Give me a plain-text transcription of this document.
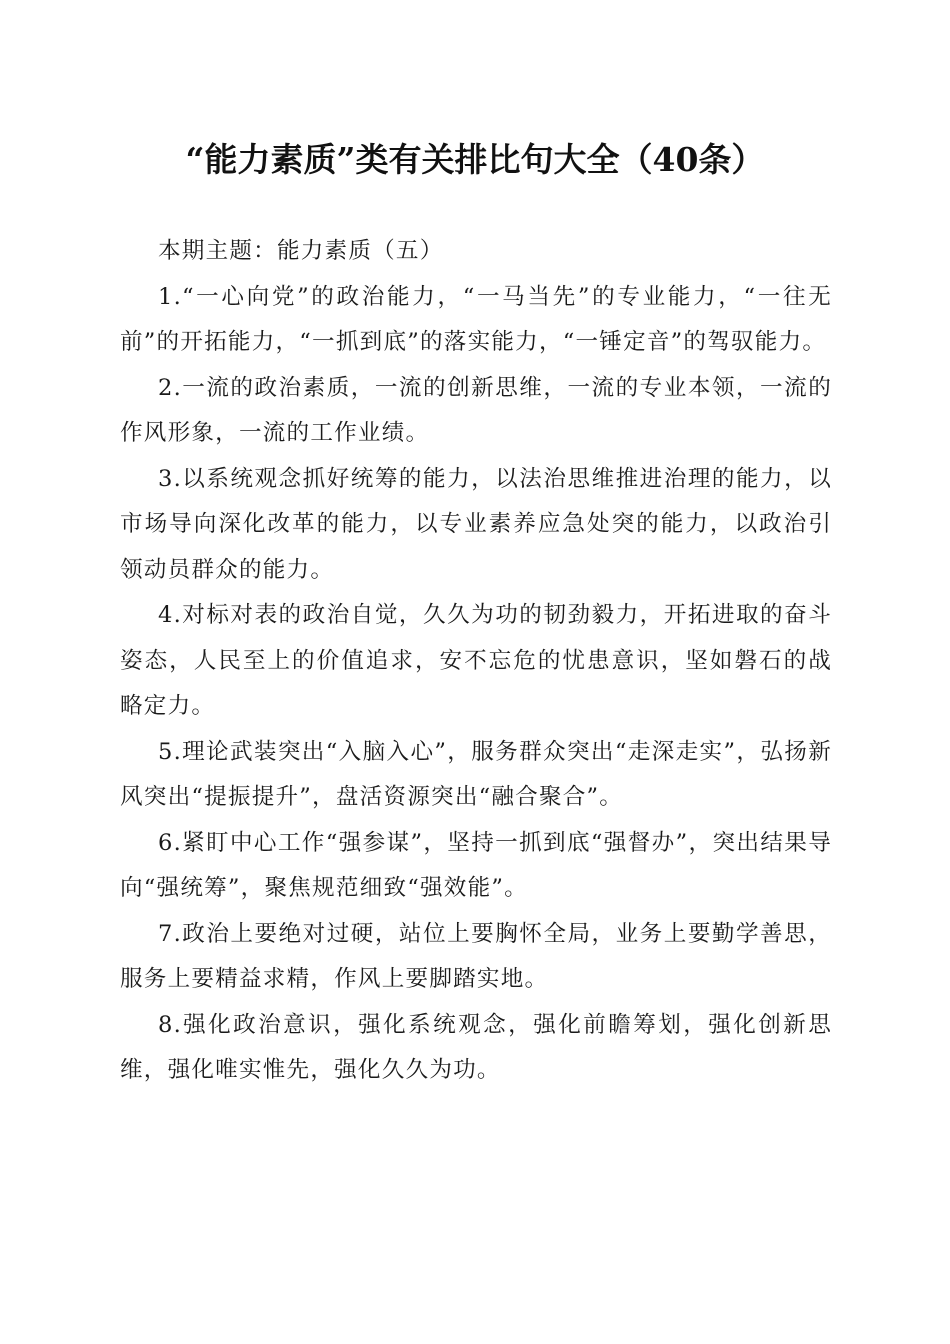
“能力素质”类有关排比句大全（40条）

本期主题：能力素质（五）

1.“一心向党”的政治能力，“一马当先”的专业能力，“一往无前”的开拓能力，“一抓到底”的落实能力，“一锤定音”的驾驭能力。

2.一流的政治素质，一流的创新思维，一流的专业本领，一流的作风形象，一流的工作业绩。

3.以系统观念抓好统筹的能力，以法治思维推进治理的能力，以市场导向深化改革的能力，以专业素养应急处突的能力，以政治引领动员群众的能力。

4.对标对表的政治自觉，久久为功的韧劲毅力，开拓进取的奋斗姿态，人民至上的价值追求，安不忘危的忧患意识，坚如磐石的战略定力。

5.理论武装突出“入脑入心”，服务群众突出“走深走实”，弘扬新风突出“提振提升”，盘活资源突出“融合聚合”。

6.紧盯中心工作“强参谋”，坚持一抓到底“强督办”，突出结果导向“强统筹”，聚焦规范细致“强效能”。

7.政治上要绝对过硬，站位上要胸怀全局，业务上要勤学善思，服务上要精益求精，作风上要脚踏实地。

8.强化政治意识，强化系统观念，强化前瞻筹划，强化创新思维，强化唯实惟先，强化久久为功。
